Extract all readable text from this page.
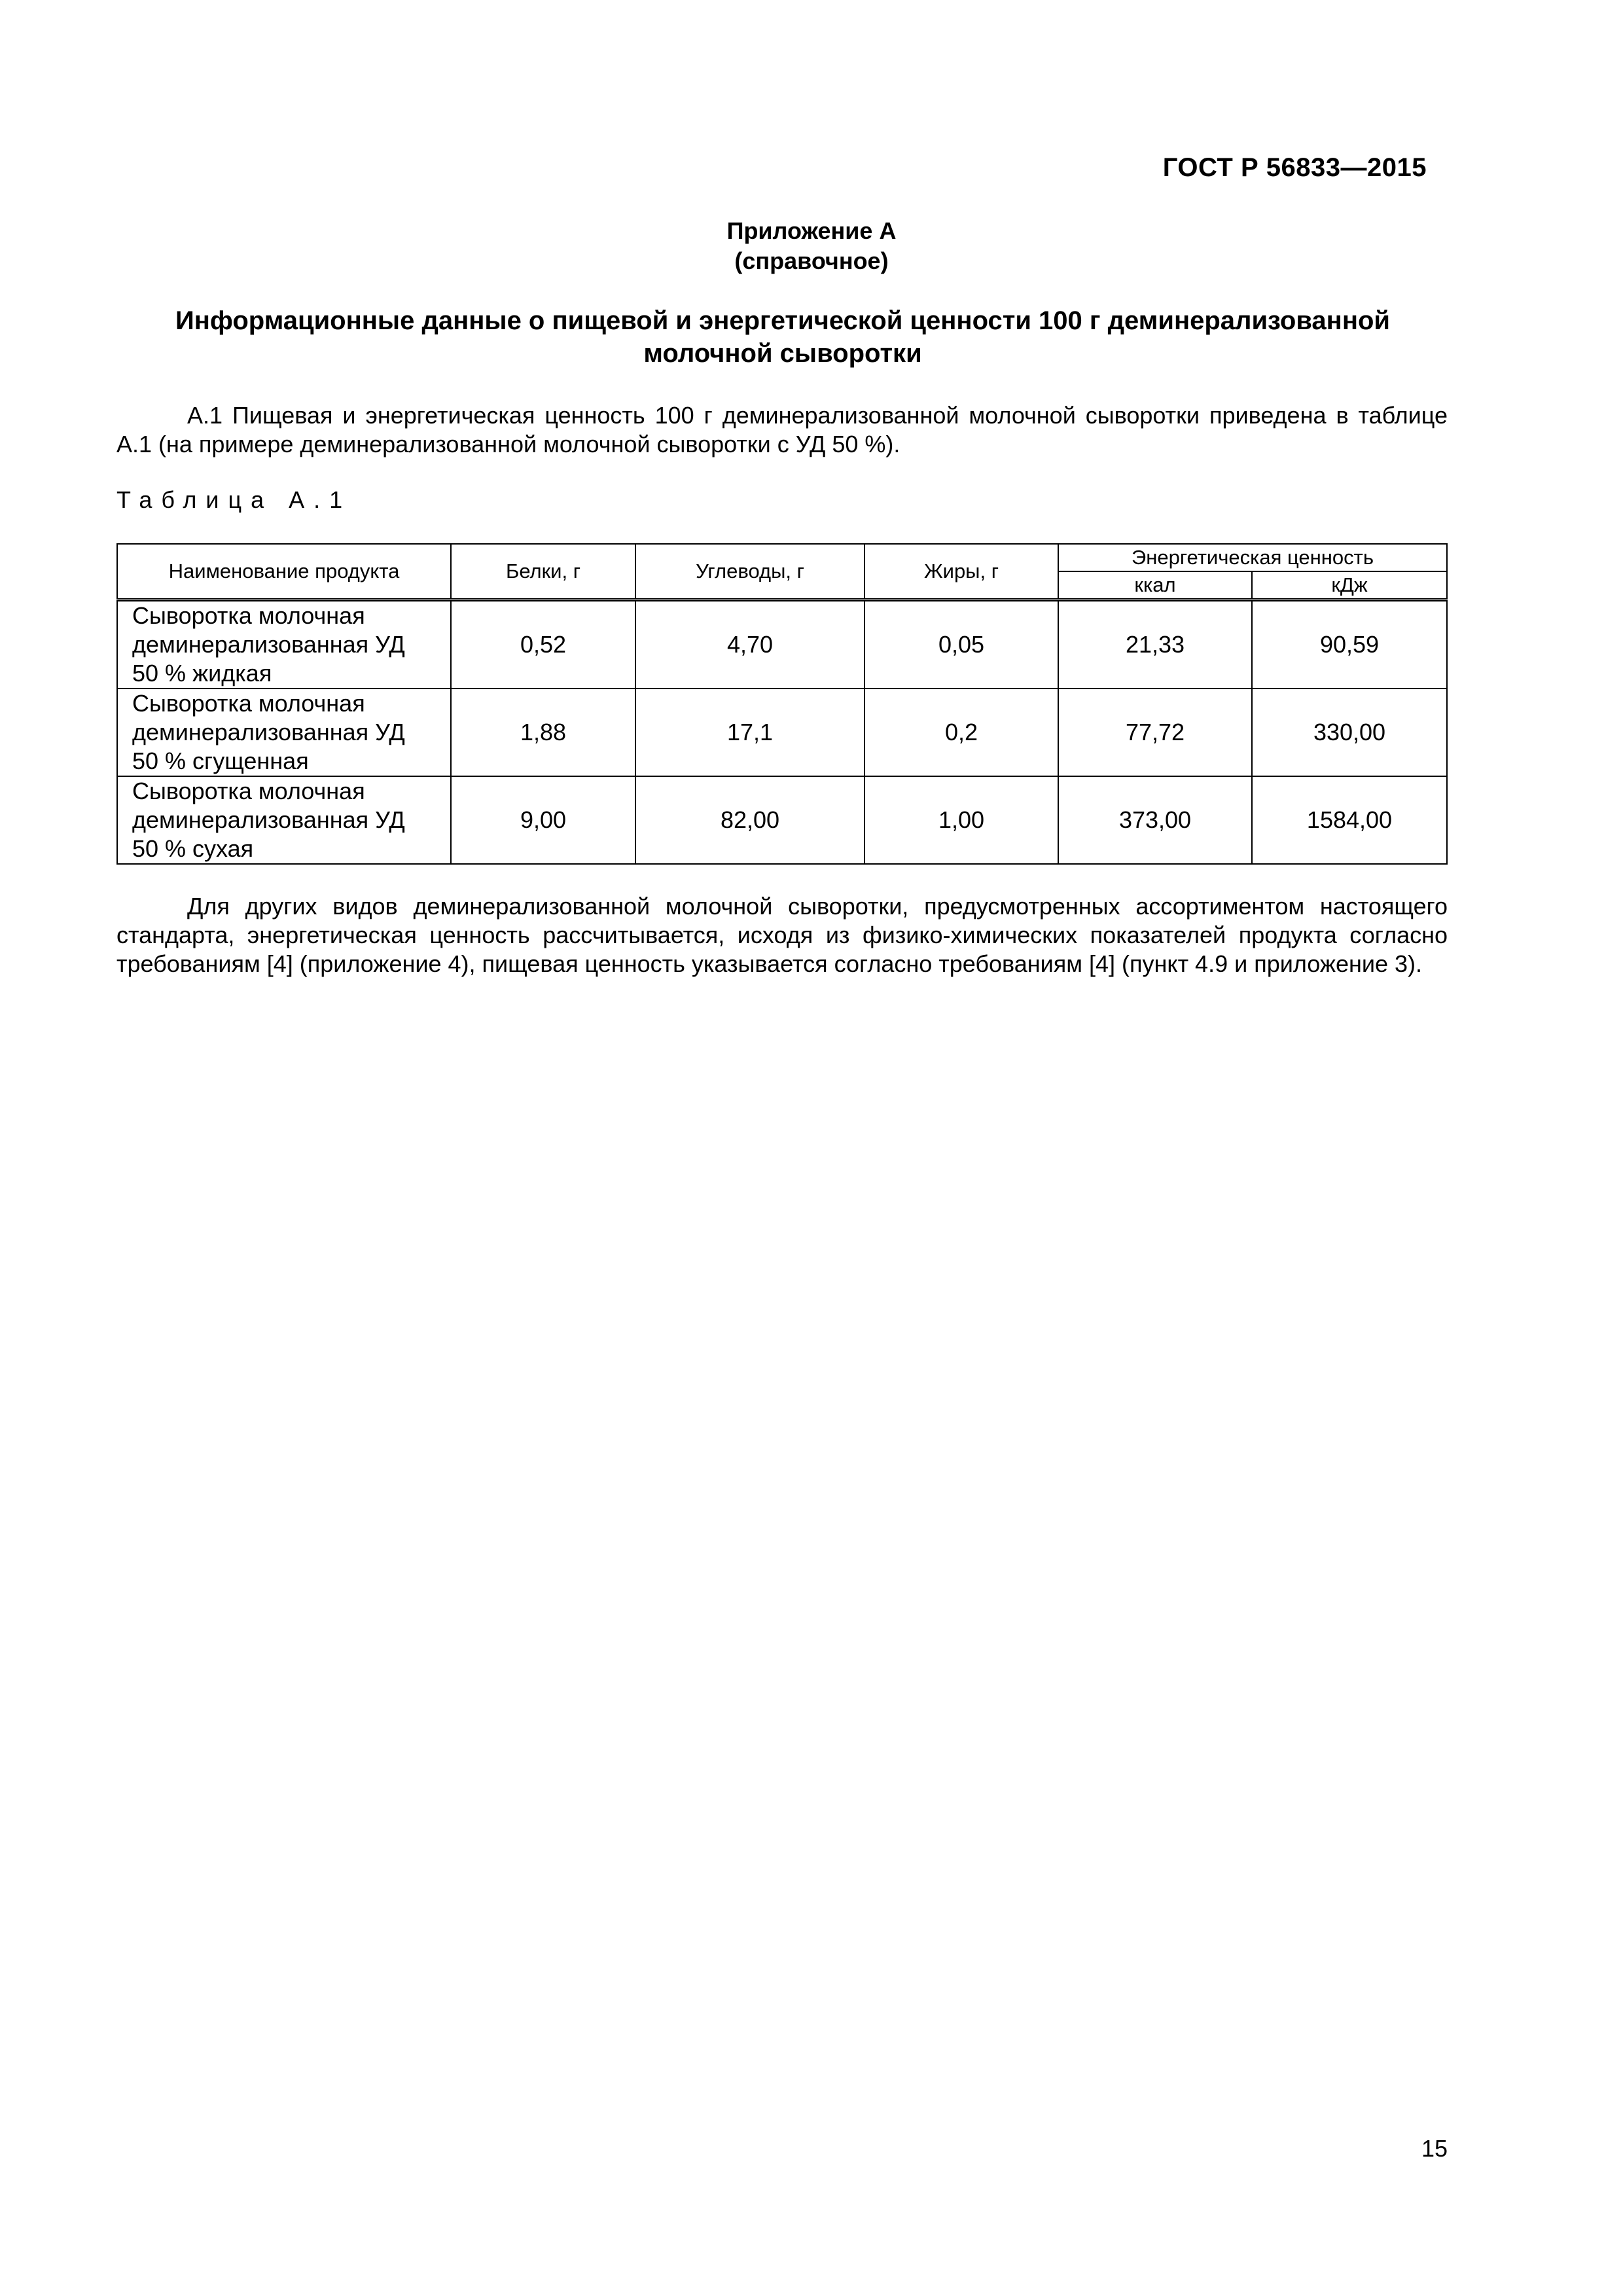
ГОСТ Р 56833—2015
Приложение А
(справочное)
Информационные данные о пищевой и энергетической ценности 100 г деминерализованной
молочной сыворотки

А.1 Пищевая и энергетическая ценность 100 г деминерализованной молочной сыворотки приведена в таблице А.1 (на примере деминерализованной молочной сыворотки с УД 50 %).

Таблица А.1
Наименование продукта	Белки, г	Углеводы, г	Жиры, г	Энергетическая ценность	
				ккал	кДж

Сыворотка молочная
деминерализованная УД
50 % жидкая	0,52	4,70	0,05	21,33	90,59

Сыворотка молочная
деминерализованная УД
50 % сгущенная	1,88	17,1	0,2	77,72	330,00

Сыворотка молочная
деминерализованная УД
50 % сухая	9,00	82,00	1,00	373,00	1584,00

Для других видов деминерализованной молочной сыворотки, предусмотренных ассортиментом настоящего стандарта, энергетическая ценность рассчитывается, исходя из физико-химических показателей продукта согласно требованиям [4] (приложение 4), пищевая ценность указывается согласно требованиям [4] (пункт 4.9 и приложение 3).

15
